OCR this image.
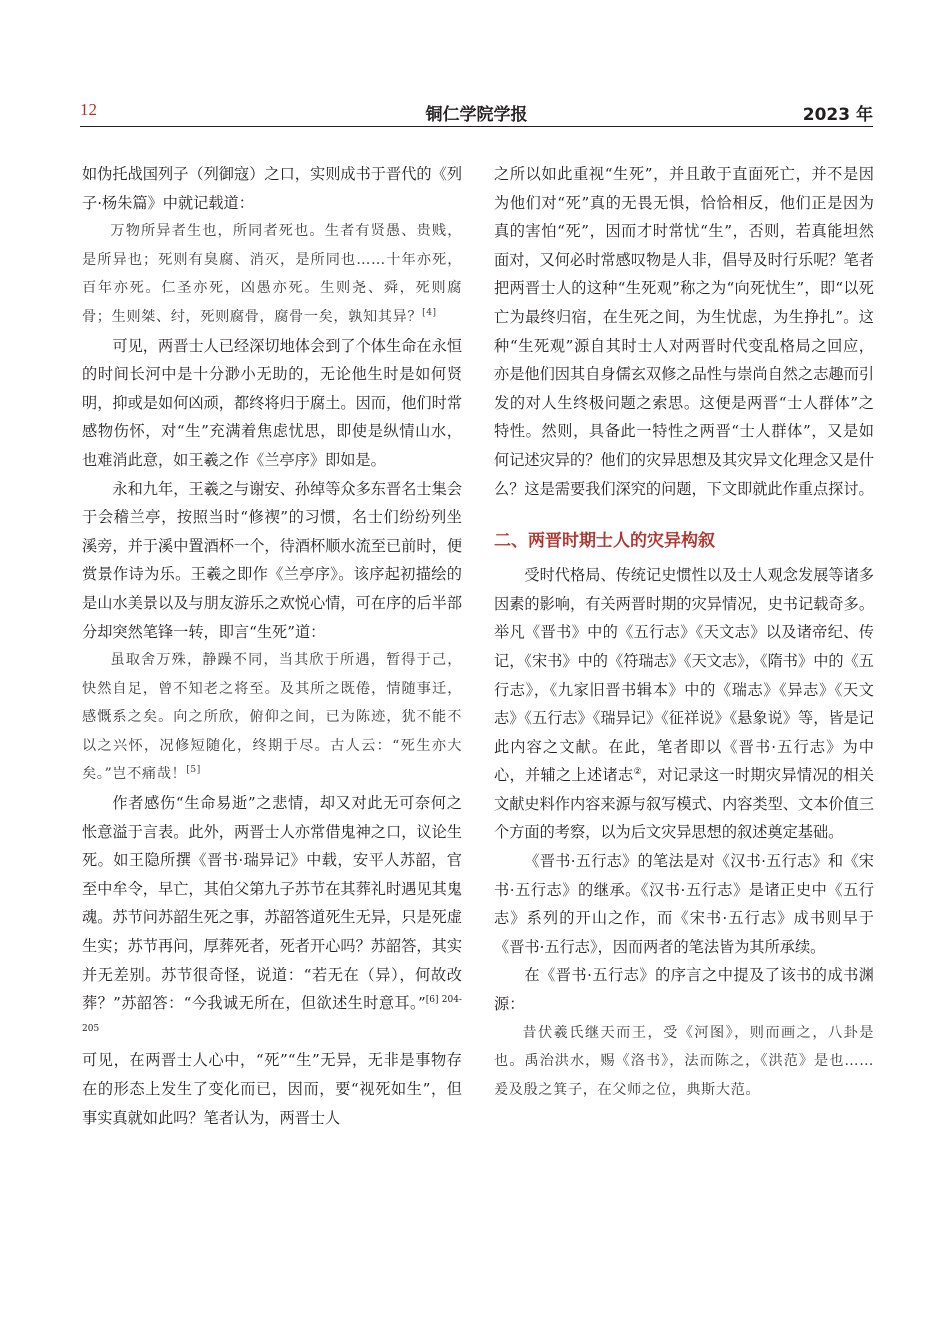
12	铜仁学院学报	2023 年

如伪托战国列子（列御寇）之口，实则成书于晋代的《列子·杨朱篇》中就记载道：

万物所异者生也，所同者死也。生者有贤愚、贵贱，是所异也；死则有臭腐、消灭，是所同也……十年亦死，百年亦死。仁圣亦死，凶愚亦死。生则尧、舜，死则腐骨；生则桀、纣，死则腐骨，腐骨一矣，孰知其异？[4]

可见，两晋士人已经深切地体会到了个体生命在永恒的时间长河中是十分渺小无助的，无论他生时是如何贤明，抑或是如何凶顽，都终将归于腐土。因而，他们时常感物伤怀，对“生”充满着焦虑忧思，即使是纵情山水，也难消此意，如王羲之作《兰亭序》即如是。

永和九年，王羲之与谢安、孙绰等众多东晋名士集会于会稽兰亭，按照当时“修禊”的习惯，名士们纷纷列坐溪旁，并于溪中置酒杯一个，待酒杯顺水流至已前时，便赏景作诗为乐。王羲之即作《兰亭序》。该序起初描绘的是山水美景以及与朋友游乐之欢悦心情，可在序的后半部分却突然笔锋一转，即言“生死”道：

虽取舍万殊，静躁不同，当其欣于所遇，暂得于己，快然自足，曾不知老之将至。及其所之既倦，情随事迁，感慨系之矣。向之所欣，俯仰之间，已为陈迹，犹不能不以之兴怀，况修短随化，终期于尽。古人云：“死生亦大矣。”岂不痛哉！[5]

作者感伤“生命易逝”之悲情，却又对此无可奈何之怅意溢于言表。此外，两晋士人亦常借鬼神之口，议论生死。如王隐所撰《晋书·瑞异记》中载，安平人苏韶，官至中牟令，早亡，其伯父第九子苏节在其葬礼时遇见其鬼魂。苏节问苏韶生死之事，苏韶答道死生无异，只是死虚生实；苏节再问，厚葬死者，死者开心吗？苏韶答，其实并无差别。苏节很奇怪，说道：“若无在（异），何故改葬？”苏韶答：“今我诚无所在，但欲述生时意耳。”$^{[6] 204-205}$

可见，在两晋士人心中，“死”“生”无异，无非是事物存在的形态上发生了变化而已，因而，要“视死如生”，但事实真就如此吗？笔者认为，两晋士人

之所以如此重视“生死”，并且敢于直面死亡，并不是因为他们对“死”真的无畏无惧，恰恰相反，他们正是因为真的害怕“死”，因而才时常忧“生”，否则，若真能坦然面对，又何必时常感叹物是人非，倡导及时行乐呢？笔者把两晋士人的这种“生死观”称之为“向死忧生”，即“以死亡为最终归宿，在生死之间，为生忧虑，为生挣扎”。这种“生死观”源自其时士人对两晋时代变乱格局之回应，亦是他们因其自身儒玄双修之品性与崇尚自然之志趣而引发的对人生终极问题之索思。这便是两晋“士人群体”之特性。然则，具备此一特性之两晋“士人群体”，又是如何记述灾异的？他们的灾异思想及其灾异文化理念又是什么？这是需要我们深究的问题，下文即就此作重点探讨。

二、两晋时期士人的灾异构叙

受时代格局、传统记史惯性以及士人观念发展等诸多因素的影响，有关两晋时期的灾异情况，史书记载奇多。举凡《晋书》中的《五行志》《天文志》以及诸帝纪、传记，《宋书》中的《符瑞志》《天文志》，《隋书》中的《五行志》，《九家旧晋书辑本》中的《瑞志》《异志》《天文志》《五行志》《瑞异记》《征祥说》《悬象说》等，皆是记此内容之文献。在此，笔者即以《晋书·五行志》为中心，并辅之上述诸志②，对记录这一时期灾异情况的相关文献史料作内容来源与叙写模式、内容类型、文本价值三个方面的考察，以为后文灾异思想的叙述奠定基础。

《晋书·五行志》的笔法是对《汉书·五行志》和《宋书·五行志》的继承。《汉书·五行志》是诸正史中《五行志》系列的开山之作，而《宋书·五行志》成书则早于《晋书·五行志》，因而两者的笔法皆为其所承续。

在《晋书·五行志》的序言之中提及了该书的成书渊源：

昔伏羲氏继天而王，受《河图》，则而画之，八卦是也。禹治洪水，赐《洛书》，法而陈之，《洪范》是也……爰及殷之箕子，在父师之位，典斯大范。
